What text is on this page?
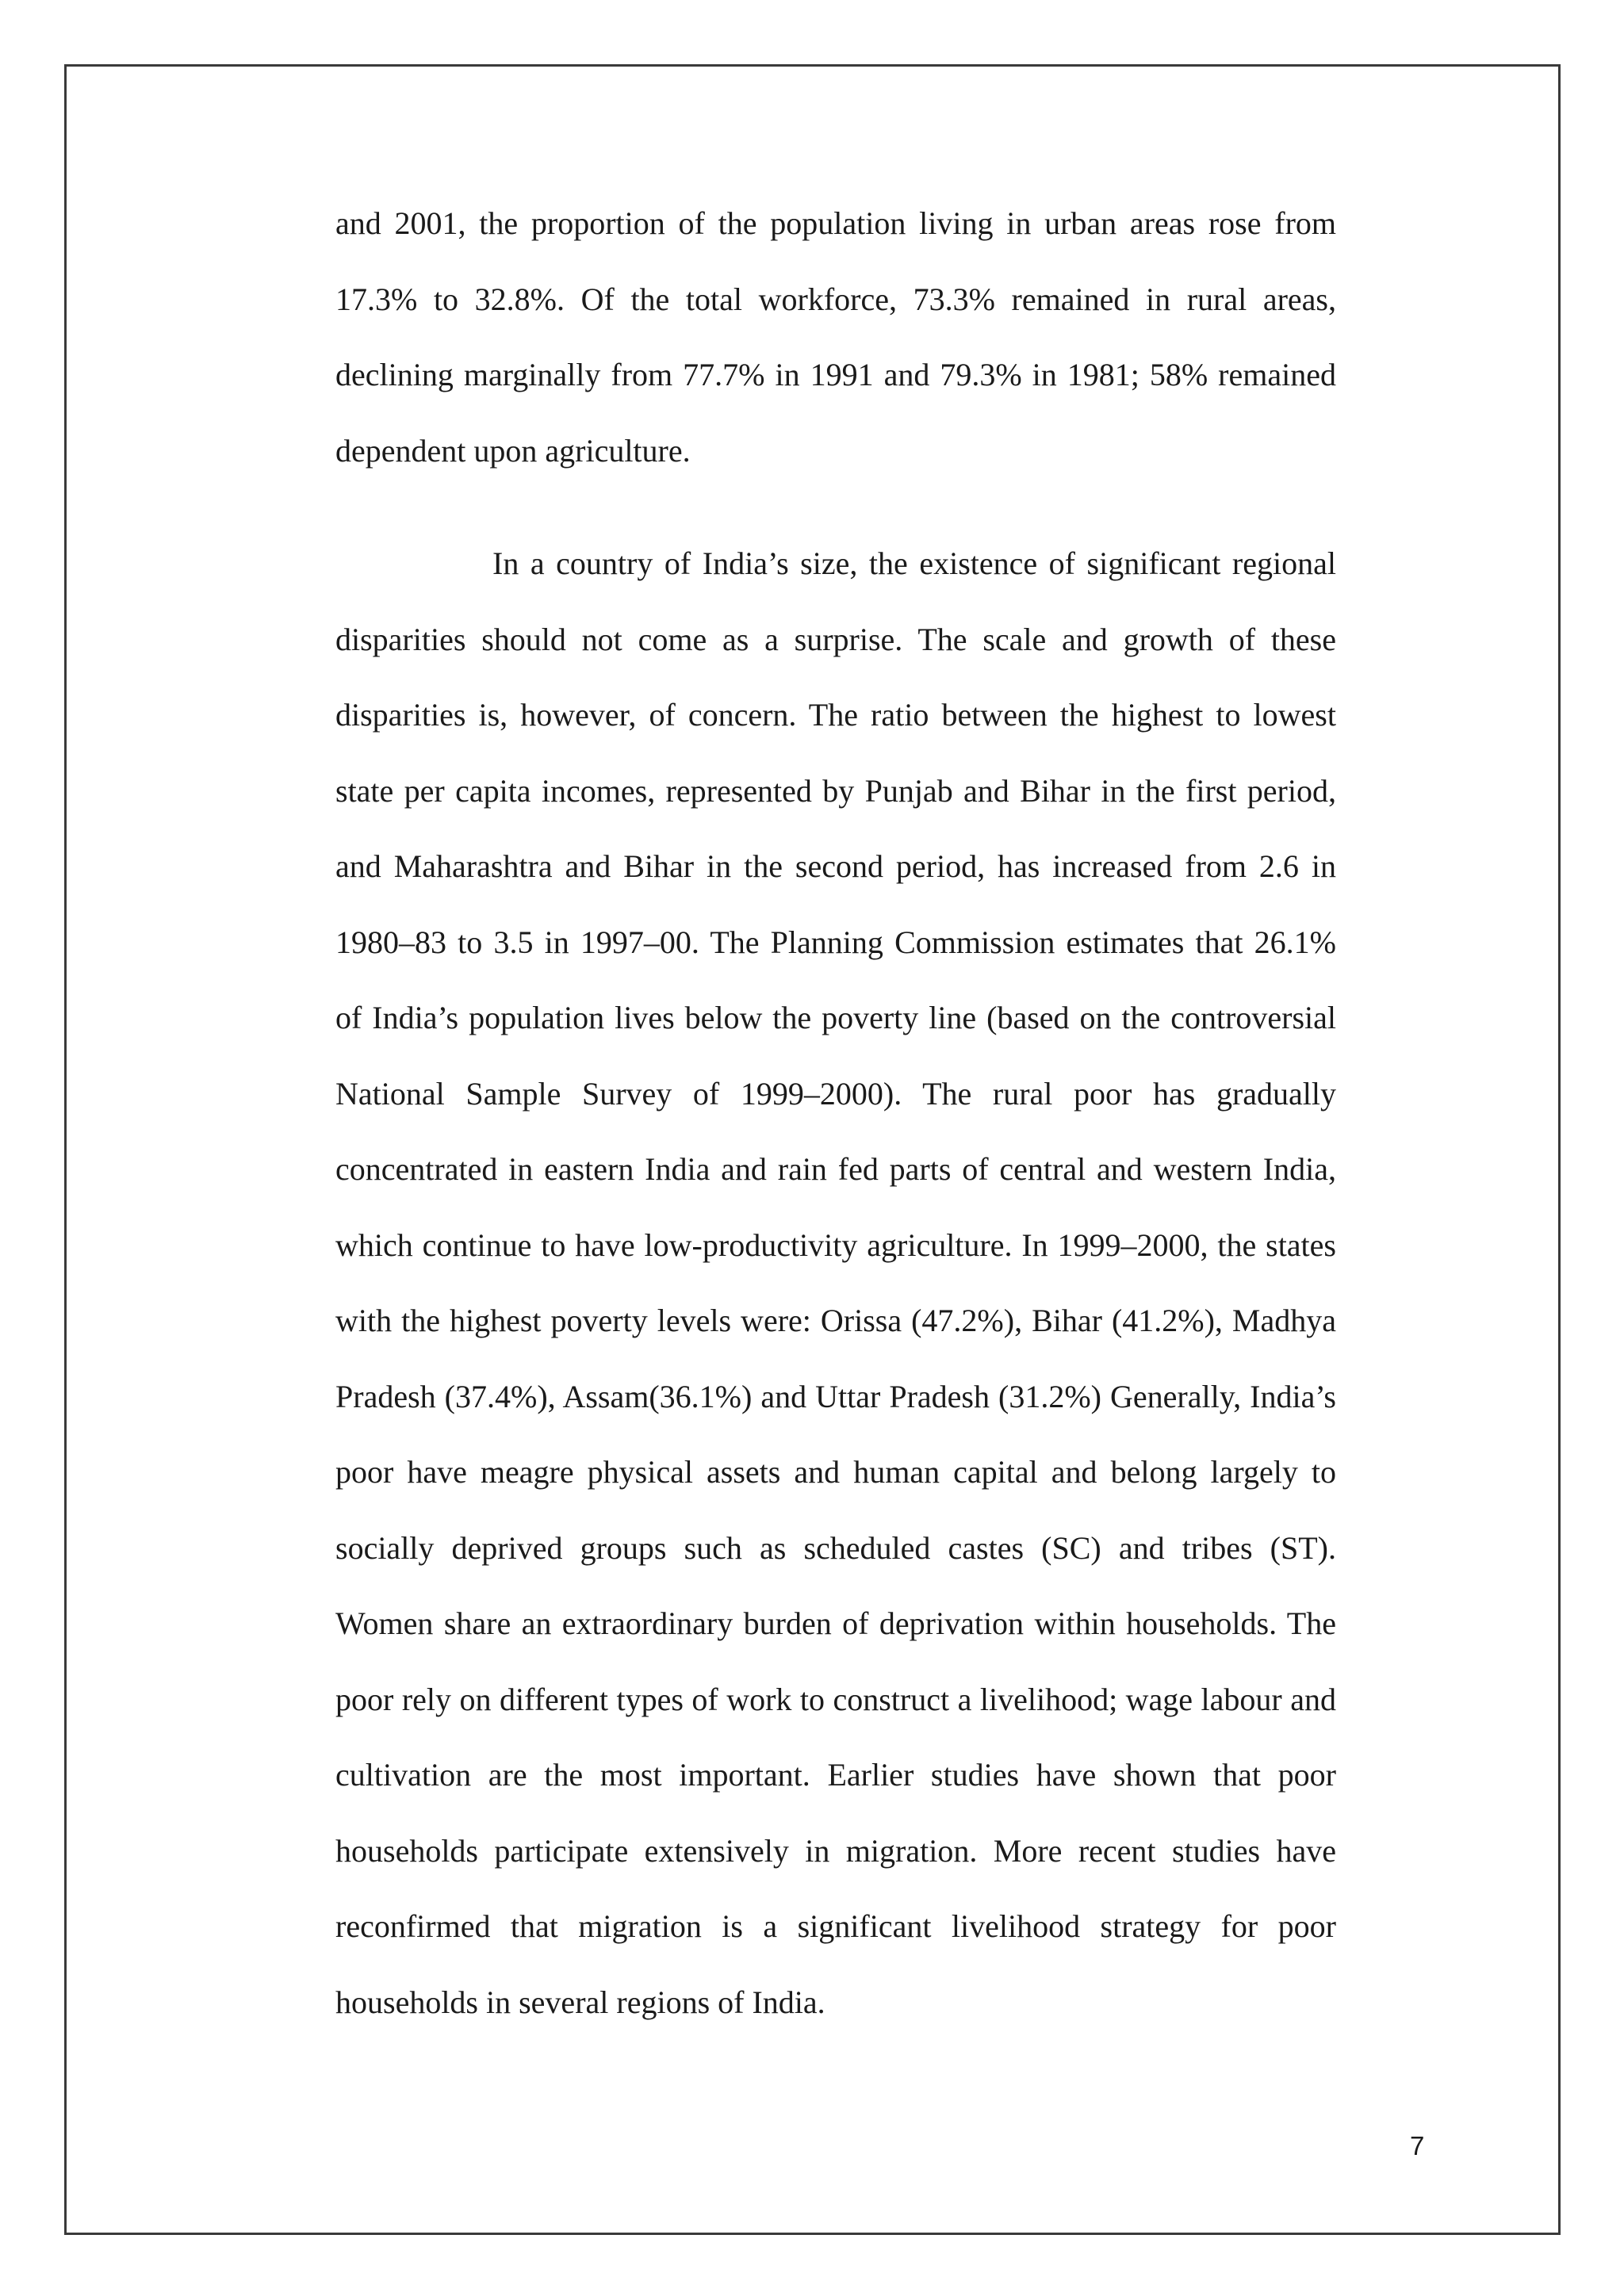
and 2001, the proportion of the population living in urban areas rose from 17.3% to 32.8%. Of the total workforce, 73.3% remained in rural areas, declining marginally from 77.7% in 1991 and 79.3% in 1981; 58% remained dependent upon agriculture.

In a country of India’s size, the existence of significant regional disparities should not come as a surprise. The scale and growth of these disparities is, however, of concern. The ratio between the highest to lowest state per capita incomes, represented by Punjab and Bihar in the first period, and Maharashtra and Bihar in the second period, has increased from 2.6 in 1980–83 to 3.5 in 1997–00. The Planning Commission estimates that 26.1% of India’s population lives below the poverty line (based on the controversial National Sample Survey of 1999–2000). The rural poor has gradually concentrated in eastern India and rain fed parts of central and western India, which continue to have low-productivity agriculture. In 1999–2000, the states with the highest poverty levels were: Orissa (47.2%), Bihar (41.2%), Madhya Pradesh (37.4%), Assam(36.1%) and Uttar Pradesh (31.2%) Generally, India’s poor have meagre physical assets and human capital and belong largely to socially deprived groups such as scheduled castes (SC) and tribes (ST). Women share an extraordinary burden of deprivation within households. The poor rely on different types of work to construct a livelihood; wage labour and cultivation are the most important. Earlier studies have shown that poor households participate extensively in migration. More recent studies have reconfirmed that migration is a significant livelihood strategy for poor households in several regions of India.

7
